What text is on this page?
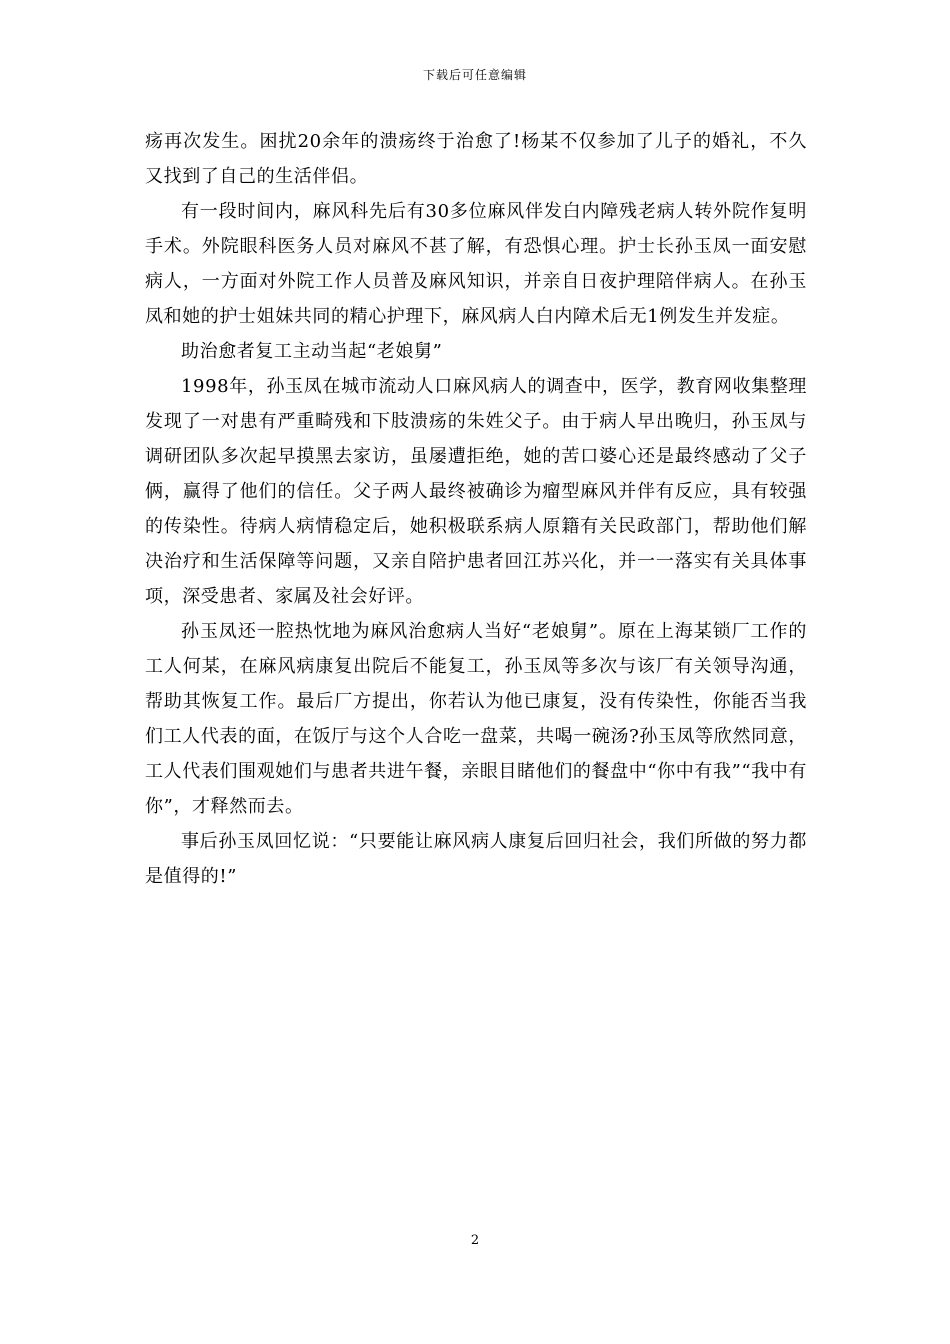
下载后可任意编辑

疡再次发生。困扰20余年的溃疡终于治愈了!杨某不仅参加了儿子的婚礼，不久又找到了自己的生活伴侣。

有一段时间内，麻风科先后有30多位麻风伴发白内障残老病人转外院作复明手术。外院眼科医务人员对麻风不甚了解，有恐惧心理。护士长孙玉凤一面安慰病人，一方面对外院工作人员普及麻风知识，并亲自日夜护理陪伴病人。在孙玉凤和她的护士姐妹共同的精心护理下，麻风病人白内障术后无1例发生并发症。

助治愈者复工主动当起“老娘舅”

1998年，孙玉凤在城市流动人口麻风病人的调查中，医学，教育网收集整理发现了一对患有严重畸残和下肢溃疡的朱姓父子。由于病人早出晚归，孙玉凤与调研团队多次起早摸黑去家访，虽屡遭拒绝，她的苦口婆心还是最终感动了父子俩，赢得了他们的信任。父子两人最终被确诊为瘤型麻风并伴有反应，具有较强的传染性。待病人病情稳定后，她积极联系病人原籍有关民政部门，帮助他们解决治疗和生活保障等问题，又亲自陪护患者回江苏兴化，并一一落实有关具体事项，深受患者、家属及社会好评。

孙玉凤还一腔热忱地为麻风治愈病人当好“老娘舅”。原在上海某锁厂工作的工人何某，在麻风病康复出院后不能复工，孙玉凤等多次与该厂有关领导沟通，帮助其恢复工作。最后厂方提出，你若认为他已康复，没有传染性，你能否当我们工人代表的面，在饭厅与这个人合吃一盘菜，共喝一碗汤?孙玉凤等欣然同意，工人代表们围观她们与患者共进午餐，亲眼目睹他们的餐盘中“你中有我”“我中有你”，才释然而去。

事后孙玉凤回忆说：“只要能让麻风病人康复后回归社会，我们所做的努力都是值得的!”

2
